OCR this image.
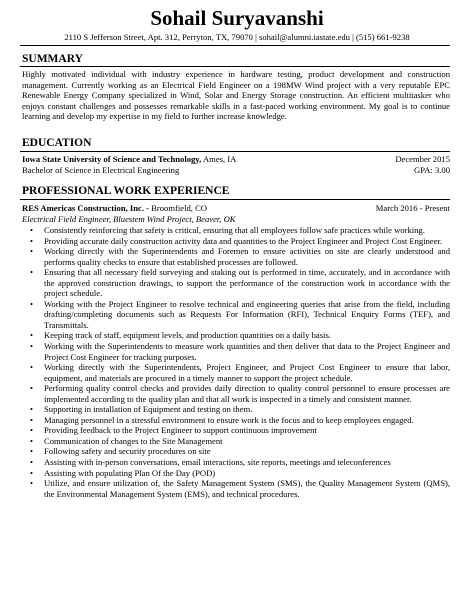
Sohail Suryavanshi
2110 S Jefferson Street, Apt. 312, Perryton, TX, 79070 | sohail@alumni.iastate.edu | (515) 661-9238
SUMMARY
Highly motivated individual with industry experience in hardware testing, product development and construction management. Currently working as an Electrical Field Engineer on a 198MW Wind project with a very reputable EPC Renewable Energy Company specialized in Wind, Solar and Energy Storage construction. An efficient multitasker who enjoys constant challenges and possesses remarkable skills in a fast-paced working environment. My goal is to continue learning and develop my expertise in my field to further increase knowledge.
EDUCATION
Iowa State University of Science and Technology, Ames, IA	December 2015
Bachelor of Science in Electrical Engineering	GPA: 3.00
PROFESSIONAL WORK EXPERIENCE
• Consistently reinforcing that safety is critical, ensuring that all employees follow safe practices while working.
• Providing accurate daily construction activity data and quantities to the Project Engineer and Project Cost Engineer.
• Working directly with the Superintendents and Foremen to ensure activities on site are clearly understood and performs quality checks to ensure that established processes are followed.
• Ensuring that all necessary field surveying and staking out is performed in time, accurately, and in accordance with the approved construction drawings, to support the performance of the construction work in accordance with the project schedule.
• Working with the Project Engineer to resolve technical and engineering queries that arise from the field, including drafting/completing documents such as Requests For Information (RFI), Technical Enquiry Forms (TEF), and Transmittals.
• Keeping track of staff, equipment levels, and production quantities on a daily basis.
• Working with the Superintendents to measure work quantities and then deliver that data to the Project Engineer and Project Cost Engineer for tracking purposes.
• Working directly with the Superintendents, Project Engineer, and Project Cost Engineer to ensure that labor, equipment, and materials are procured in a timely manner to support the project schedule.
• Performing quality control checks and provides daily direction to quality control personnel to ensure processes are implemented according to the quality plan and that all work is inspected in a timely and consistent manner.
• Supporting in installation of Equipment and testing on them.
• Managing personnel in a stressful environment to ensure work is the focus and to keep employees engaged.
• Providing feedback to the Project Engineer to support continuous improvement
• Communication of changes to the Site Management
• Following safety and security procedures on site
• Assisting with in-person conversations, email interactions, site reports, meetings and teleconferences
• Assisting with populating Plan Of the Day (POD)
• Utilize, and ensure utilization of, the Safety Management System (SMS), the Quality Management System (QMS), the Environmental Management System (EMS), and technical procedures.
RES Americas Construction, Inc. - Broomfield, CO	March 2016 - Present
Electrical Field Engineer, Bluestem Wind Project, Beaver, OK
